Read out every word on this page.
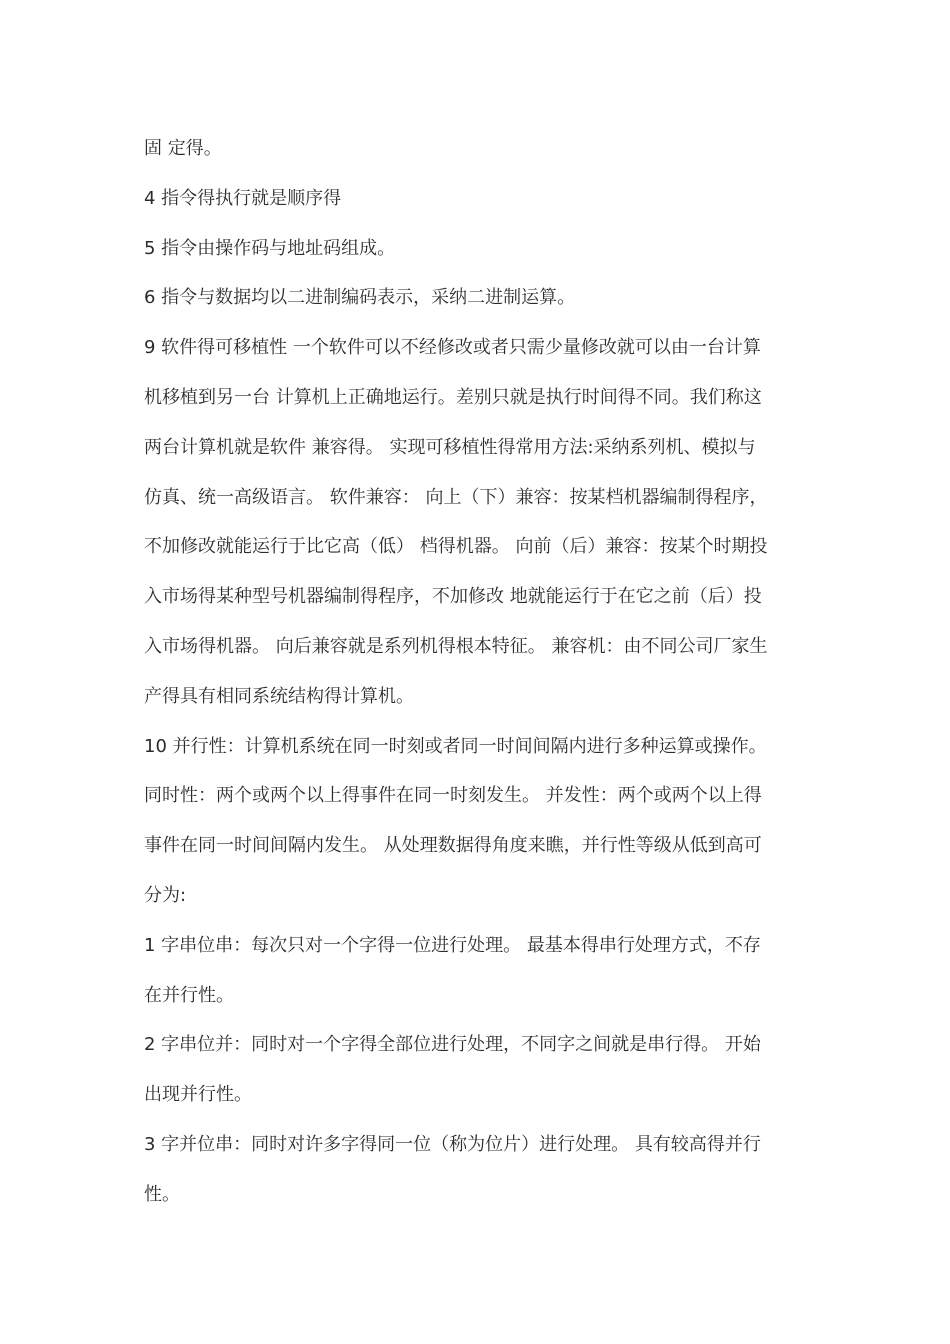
固 定得。
4 指令得执行就是顺序得
5 指令由操作码与地址码组成。
6 指令与数据均以二进制编码表示，采纳二进制运算。
9 软件得可移植性 一个软件可以不经修改或者只需少量修改就可以由一台计算
机移植到另一台 计算机上正确地运行。差别只就是执行时间得不同。我们称这
两台计算机就是软件 兼容得。 实现可移植性得常用方法:采纳系列机、模拟与
仿真、统一高级语言。 软件兼容： 向上（下）兼容：按某档机器编制得程序，
不加修改就能运行于比它高（低） 档得机器。 向前（后）兼容：按某个时期投
入市场得某种型号机器编制得程序，不加修改 地就能运行于在它之前（后）投
入市场得机器。 向后兼容就是系列机得根本特征。 兼容机：由不同公司厂家生
产得具有相同系统结构得计算机。
10 并行性：计算机系统在同一时刻或者同一时间间隔内进行多种运算或操作。
同时性：两个或两个以上得事件在同一时刻发生。 并发性：两个或两个以上得
事件在同一时间间隔内发生。 从处理数据得角度来瞧，并行性等级从低到高可
分为:
1 字串位串：每次只对一个字得一位进行处理。 最基本得串行处理方式，不存
在并行性。
2 字串位并：同时对一个字得全部位进行处理，不同字之间就是串行得。 开始
出现并行性。
3 字并位串：同时对许多字得同一位（称为位片）进行处理。 具有较高得并行
性。
